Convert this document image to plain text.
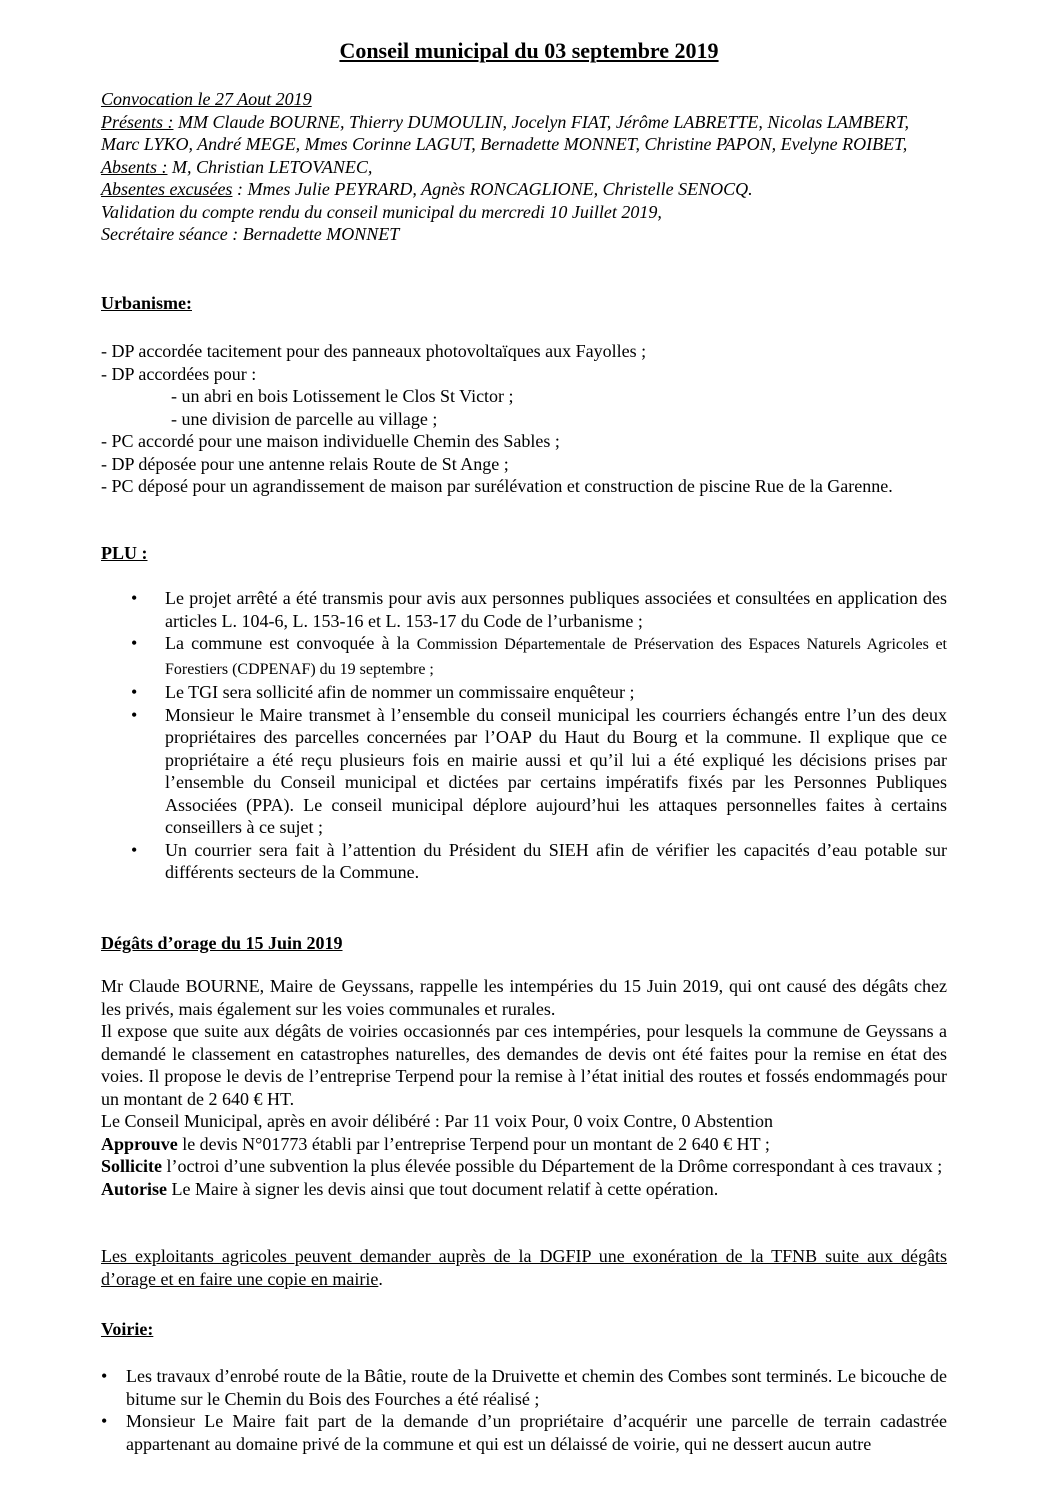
Conseil municipal du 03 septembre 2019

Convocation le 27 Aout 2019

Présents : MM Claude BOURNE, Thierry DUMOULIN, Jocelyn FIAT, Jérôme LABRETTE, Nicolas LAMBERT, Marc LYKO, André MEGE, Mmes Corinne LAGUT, Bernadette MONNET, Christine PAPON, Evelyne ROIBET,

Absents : M, Christian LETOVANEC,

Absentes excusées : Mmes Julie PEYRARD, Agnès RONCAGLIONE, Christelle SENOCQ.

Validation du compte rendu du conseil municipal du mercredi 10 Juillet 2019,

Secrétaire séance : Bernadette MONNET

Urbanisme:

- DP accordée tacitement pour des panneaux photovoltaïques aux Fayolles ;

- DP accordées pour :

- un abri en bois Lotissement le Clos St Victor ;

- une division de parcelle au village ;

- PC accordé pour une maison individuelle Chemin des Sables ;

- DP déposée pour une antenne relais Route de St Ange ;

- PC déposé pour un agrandissement de maison par surélévation et construction de piscine Rue de la Garenne.

PLU :
• Le projet arrêté a été transmis pour avis aux personnes publiques associées et consultées en application des articles L. 104-6, L. 153-16 et L. 153-17 du Code de l’urbanisme ;
• La commune est convoquée à la Commission Départementale de Préservation des Espaces Naturels Agricoles et Forestiers (CDPENAF) du 19 septembre ;
• Le TGI sera sollicité afin de nommer un commissaire enquêteur ;
• Monsieur le Maire transmet à l’ensemble du conseil municipal les courriers échangés entre l’un des deux propriétaires des parcelles concernées par l’OAP du Haut du Bourg et la commune. Il explique que ce propriétaire a été reçu plusieurs fois en mairie aussi et qu’il lui a été expliqué les décisions prises par l’ensemble du Conseil municipal et dictées par certains impératifs fixés par les Personnes Publiques Associées (PPA). Le conseil municipal déplore aujourd’hui les attaques personnelles faites à certains conseillers à ce sujet ;
• Un courrier sera fait à l’attention du Président du SIEH afin de vérifier les capacités d’eau potable sur différents secteurs de la Commune.
Dégâts d’orage du 15 Juin 2019

Mr Claude BOURNE, Maire de Geyssans, rappelle les intempéries du 15 Juin 2019, qui ont causé des dégâts chez les privés, mais également sur les voies communales et rurales.

Il expose que suite aux dégâts de voiries occasionnés par ces intempéries, pour lesquels la commune de Geyssans a demandé le classement en catastrophes naturelles, des demandes de devis ont été faites pour la remise en état des voies. Il propose le devis de l’entreprise Terpend pour la remise à l’état initial des routes et fossés endommagés pour un montant de 2 640 € HT.

Le Conseil Municipal, après en avoir délibéré : Par 11 voix Pour, 0 voix Contre, 0 Abstention

Approuve le devis N°01773 établi par l’entreprise Terpend pour un montant de 2 640 € HT ;

Sollicite l’octroi d’une subvention la plus élevée possible du Département de la Drôme correspondant à ces travaux ;

Autorise Le Maire à signer les devis ainsi que tout document relatif à cette opération.

Les exploitants agricoles peuvent demander auprès de la DGFIP une exonération de la TFNB suite aux dégâts d’orage et en faire une copie en mairie.
Voirie:
• Les travaux d’enrobé route de la Bâtie, route de la Druivette et chemin des Combes sont terminés. Le bicouche de bitume sur le Chemin du Bois des Fourches a été réalisé ;
• Monsieur Le Maire fait part de la demande d’un propriétaire d’acquérir une parcelle de terrain cadastrée appartenant au domaine privé de la commune et qui est un délaissé de voirie, qui ne dessert aucun autre
